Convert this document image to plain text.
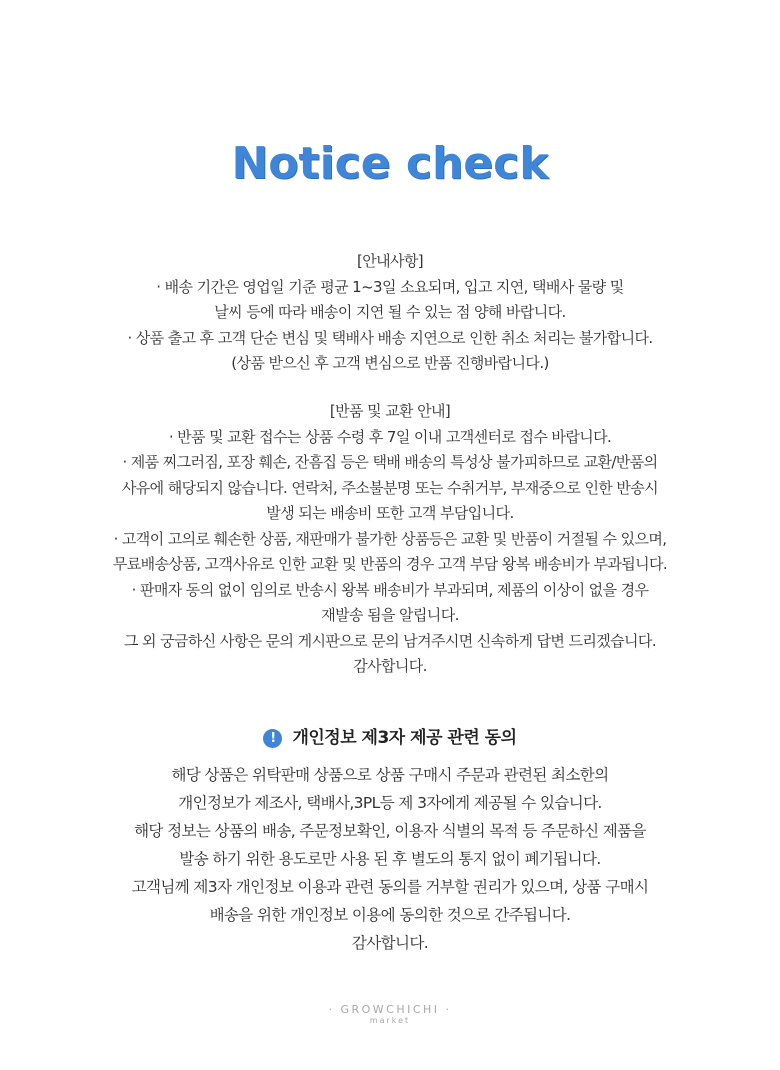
Notice check
[안내사항]
· 배송 기간은 영업일 기준 평균 1~3일 소요되며, 입고 지연, 택배사 물량 및
날씨 등에 따라 배송이 지연 될 수 있는 점 양해 바랍니다.
· 상품 출고 후 고객 단순 변심 및 택배사 배송 지연으로 인한 취소 처리는 불가합니다.
(상품 받으신 후 고객 변심으로 반품 진행바랍니다.)
[반품 및 교환 안내]
· 반품 및 교환 접수는 상품 수령 후 7일 이내 고객센터로 접수 바랍니다.
· 제품 찌그러짐, 포장 훼손, 잔흠집 등은 택배 배송의 특성상 불가피하므로 교환/반품의
사유에 해당되지 않습니다. 연락처, 주소불분명 또는 수취거부, 부재중으로 인한 반송시
발생 되는 배송비 또한 고객 부담입니다.
· 고객이 고의로 훼손한 상품, 재판매가 불가한 상품등은 교환 및 반품이 거절될 수 있으며,
무료배송상품, 고객사유로 인한 교환 및 반품의 경우 고객 부담 왕복 배송비가 부과됩니다.
· 판매자 동의 없이 임의로 반송시 왕복 배송비가 부과되며, 제품의 이상이 없을 경우
재발송 됨을 알립니다.
그 외 궁금하신 사항은 문의 게시판으로 문의 남겨주시면 신속하게 답변 드리겠습니다.
감사합니다.
! 개인정보 제3자 제공 관련 동의
해당 상품은 위탁판매 상품으로 상품 구매시 주문과 관련된 최소한의
개인정보가 제조사, 택배사,3PL등 제 3자에게 제공될 수 있습니다.
해당 정보는 상품의 배송, 주문정보확인, 이용자 식별의 목적 등 주문하신 제품을
발송 하기 위한 용도로만 사용 된 후 별도의 통지 없이 폐기됩니다.
고객님께 제3자 개인정보 이용과 관련 동의를 거부할 권리가 있으며, 상품 구매시
배송을 위한 개인정보 이용에 동의한 것으로 간주됩니다.
감사합니다.
· GROWCHICHI ·
market
